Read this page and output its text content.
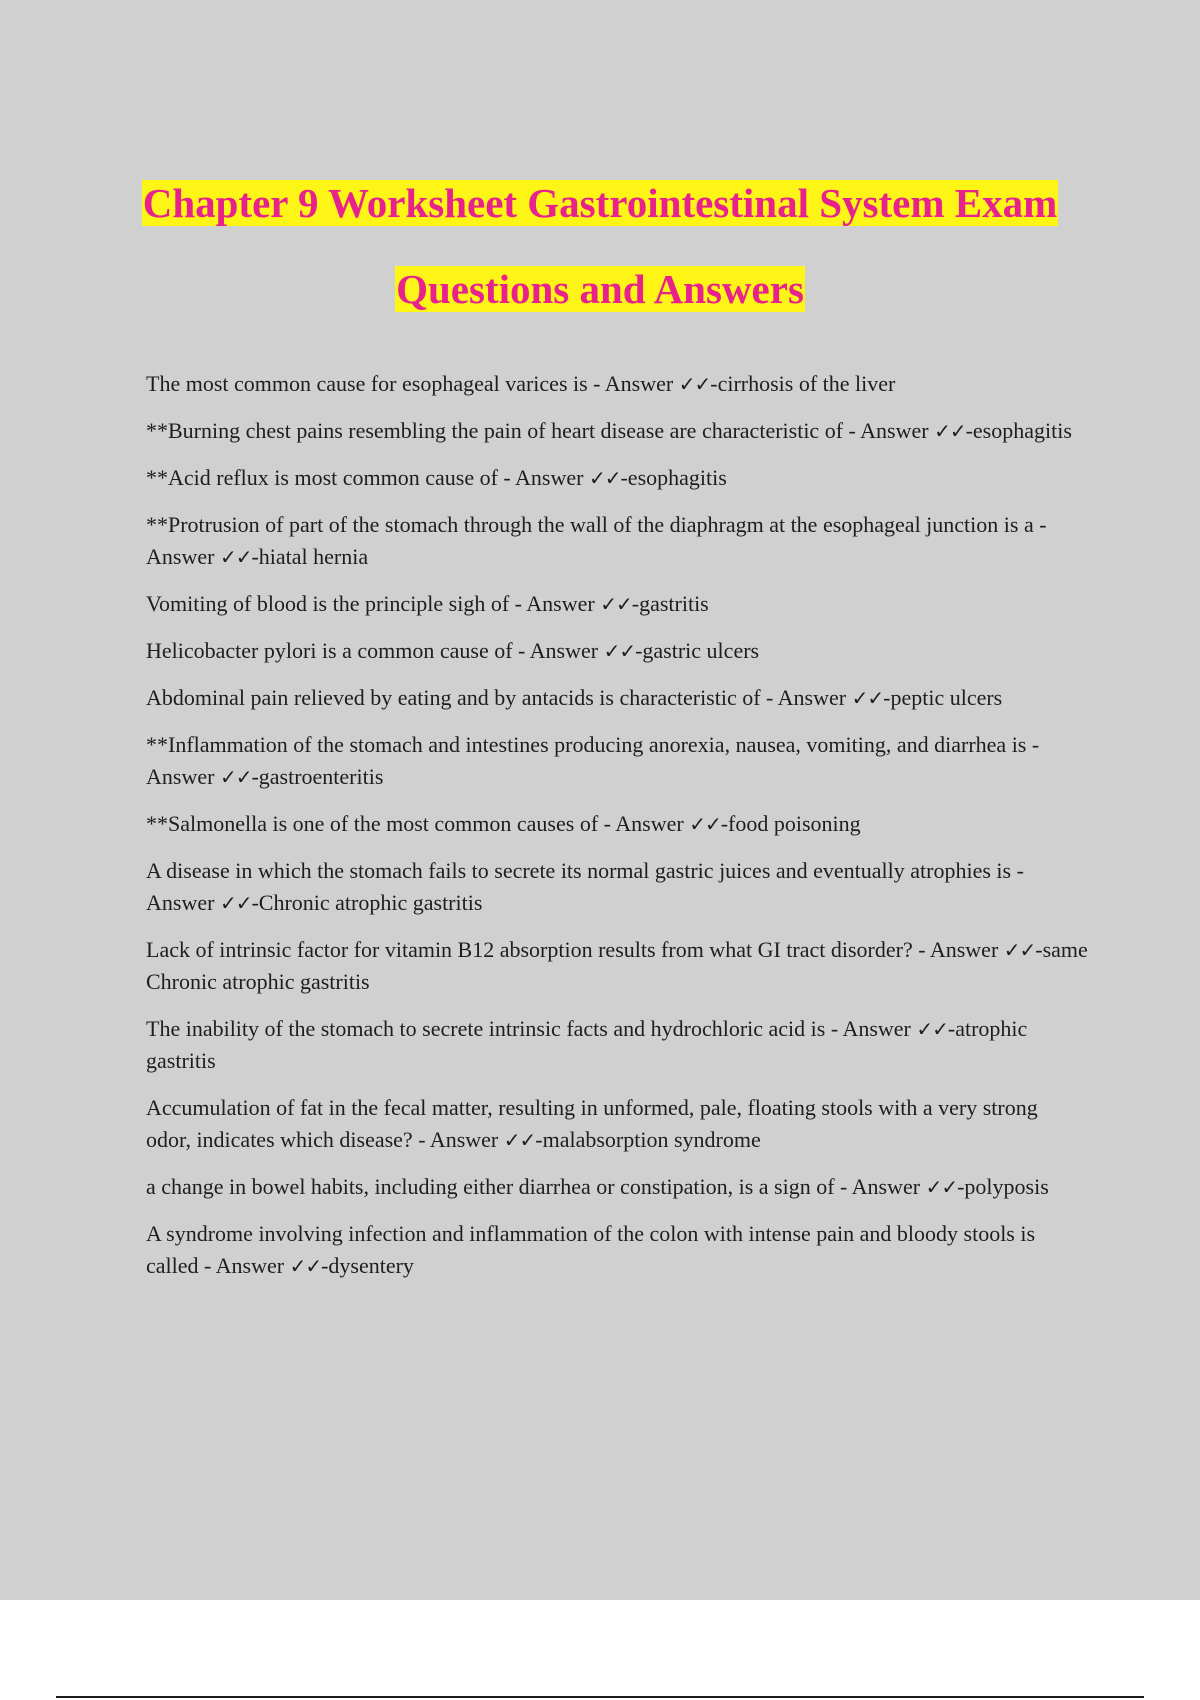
Chapter 9 Worksheet Gastrointestinal System Exam
Questions and Answers
The most common cause for esophageal varices is - Answer ✓✓-cirrhosis of the liver
**Burning chest pains resembling the pain of heart disease are characteristic of - Answer ✓✓-esophagitis
**Acid reflux is most common cause of - Answer ✓✓-esophagitis
**Protrusion of part of the stomach through the wall of the diaphragm at the esophageal junction is a - Answer ✓✓-hiatal hernia
Vomiting of blood is the principle sigh of - Answer ✓✓-gastritis
Helicobacter pylori is a common cause of - Answer ✓✓-gastric ulcers
Abdominal pain relieved by eating and by antacids is characteristic of - Answer ✓✓-peptic ulcers
**Inflammation of the stomach and intestines producing anorexia, nausea, vomiting, and diarrhea is - Answer ✓✓-gastroenteritis
**Salmonella is one of the most common causes of - Answer ✓✓-food poisoning
A disease in which the stomach fails to secrete its normal gastric juices and eventually atrophies is - Answer ✓✓-Chronic atrophic gastritis
Lack of intrinsic factor for vitamin B12 absorption results from what GI tract disorder? - Answer ✓✓-same Chronic atrophic gastritis
The inability of the stomach to secrete intrinsic facts and hydrochloric acid is - Answer ✓✓-atrophic gastritis
Accumulation of fat in the fecal matter, resulting in unformed, pale, floating stools with a very strong odor, indicates which disease? - Answer ✓✓-malabsorption syndrome
a change in bowel habits, including either diarrhea or constipation, is a sign of - Answer ✓✓-polyposis
A syndrome involving infection and inflammation of the colon with intense pain and bloody stools is called - Answer ✓✓-dysentery
